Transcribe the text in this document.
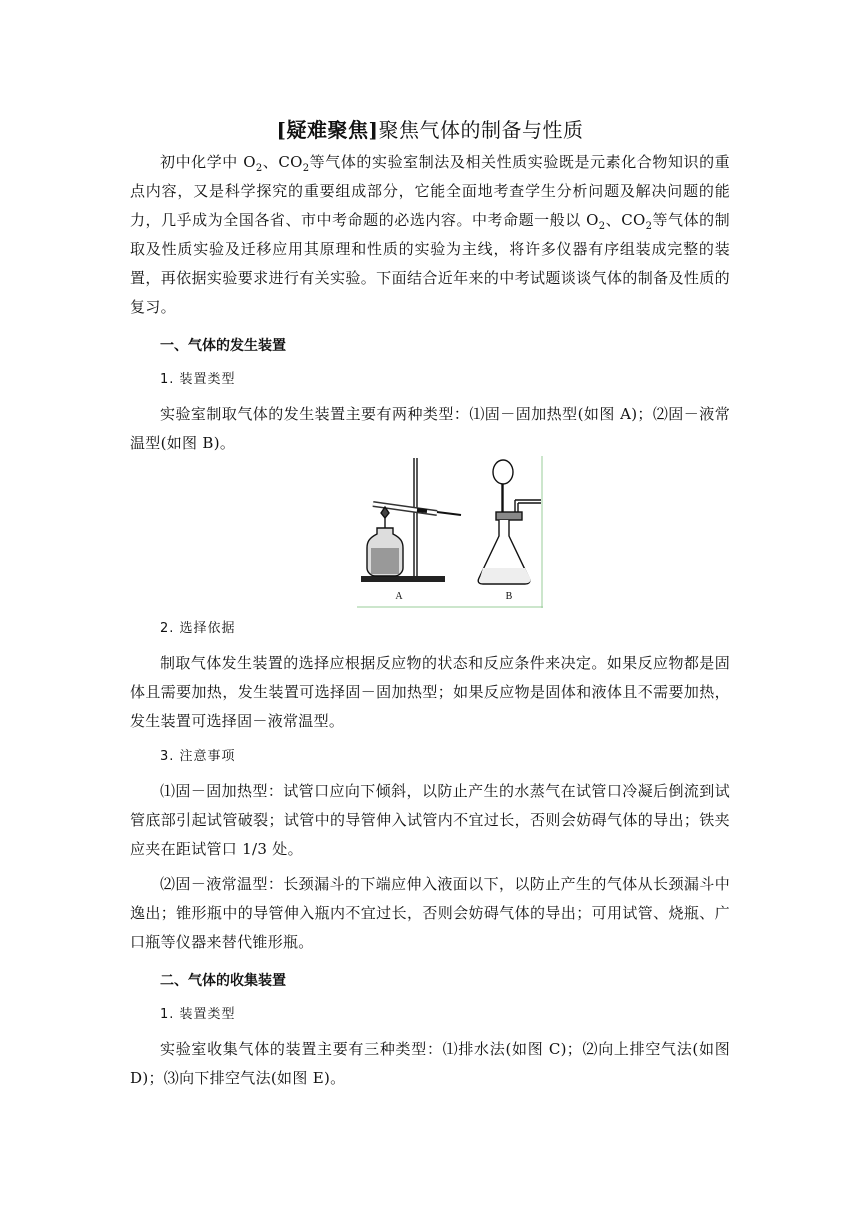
[疑难聚焦]聚焦气体的制备与性质

初中化学中 $O_2$、$CO_2$等气体的实验室制法及相关性质实验既是元素化合物知识的重点内容，又是科学探究的重要组成部分，它能全面地考查学生分析问题及解决问题的能力，几乎成为全国各省、市中考命题的必选内容。中考命题一般以 $O_2$、$CO_2$等气体的制取及性质实验及迁移应用其原理和性质的实验为主线，将许多仪器有序组装成完整的装置，再依据实验要求进行有关实验。下面结合近年来的中考试题谈谈气体的制备及性质的复习。

一、气体的发生装置

1. 装置类型

实验室制取气体的发生装置主要有两种类型：⑴固－固加热型(如图 A)；⑵固－液常温型(如图 B)。

A	B

2. 选择依据

制取气体发生装置的选择应根据反应物的状态和反应条件来决定。如果反应物都是固体且需要加热，发生装置可选择固－固加热型；如果反应物是固体和液体且不需要加热，发生装置可选择固－液常温型。

3. 注意事项

⑴固－固加热型：试管口应向下倾斜，以防止产生的水蒸气在试管口冷凝后倒流到试管底部引起试管破裂；试管中的导管伸入试管内不宜过长，否则会妨碍气体的导出；铁夹应夹在距试管口 1/3 处。

⑵固－液常温型：长颈漏斗的下端应伸入液面以下，以防止产生的气体从长颈漏斗中逸出；锥形瓶中的导管伸入瓶内不宜过长，否则会妨碍气体的导出；可用试管、烧瓶、广口瓶等仪器来替代锥形瓶。

二、气体的收集装置

1. 装置类型

实验室收集气体的装置主要有三种类型：⑴排水法(如图 C)；⑵向上排空气法(如图 D)；⑶向下排空气法(如图 E)。
